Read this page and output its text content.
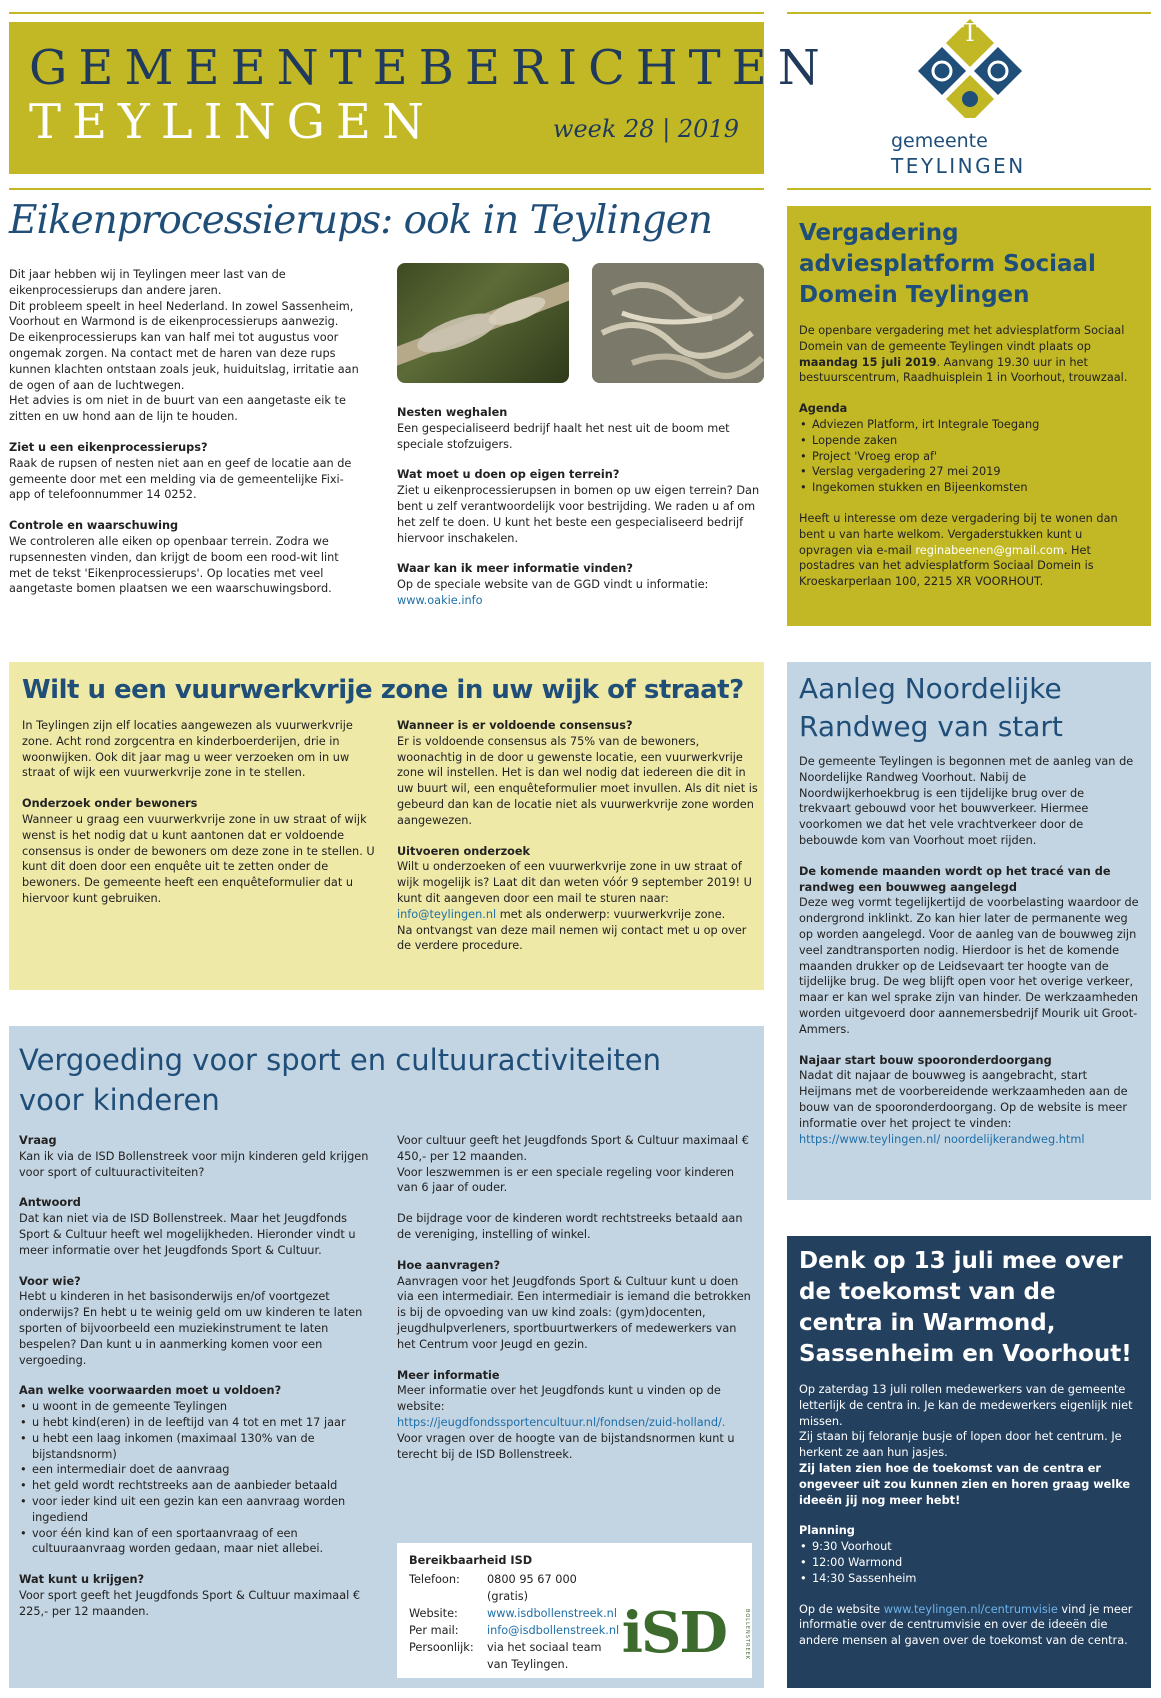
GEMEENTEBERICHTEN
TEYLINGEN	week 28 | 2019
T
gemeente
TEYLINGEN
Eikenprocessierups: ook in Teylingen

Dit jaar hebben wij in Teylingen meer last van de eikenprocessierups dan andere jaren.

Dit probleem speelt in heel Nederland. In zowel Sassenheim, Voorhout en Warmond is de eikenprocessierups aanwezig.

De eikenprocessierups kan van half mei tot augustus voor ongemak zorgen. Na contact met de haren van deze rups kunnen klachten ontstaan zoals jeuk, huiduitslag, irritatie aan de ogen of aan de luchtwegen.

Het advies is om niet in de buurt van een aangetaste eik te zitten en uw hond aan de lijn te houden.

Ziet u een eikenprocessierups?

Raak de rupsen of nesten niet aan en geef de locatie aan de gemeente door met een melding via de gemeentelijke Fixi-app of telefoonnummer 14 0252.

Controle en waarschuwing

We controleren alle eiken op openbaar terrein. Zodra we rupsennesten vinden, dan krijgt de boom een rood-wit lint met de tekst 'Eikenprocessierups'. Op locaties met veel aangetaste bomen plaatsen we een waarschuwingsbord.

Nesten weghalen

Een gespecialiseerd bedrijf haalt het nest uit de boom met speciale stofzuigers.

Wat moet u doen op eigen terrein?

Ziet u eikenprocessierupsen in bomen op uw eigen terrein? Dan bent u zelf verantwoordelijk voor bestrijding. We raden u af om het zelf te doen. U kunt het beste een gespecialiseerd bedrijf hiervoor inschakelen.

Waar kan ik meer informatie vinden?

Op de speciale website van de GGD vindt u informatie:

www.oakie.info
Vergadering adviesplatform Sociaal Domein Teylingen

De openbare vergadering met het adviesplatform Sociaal Domein van de gemeente Teylingen vindt plaats op maandag 15 juli 2019. Aanvang 19.30 uur in het bestuurscentrum, Raadhuisplein 1 in Voorhout, trouwzaal.

Agenda
• Adviezen Platform, irt Integrale Toegang
• Lopende zaken
• Project 'Vroeg erop af'
• Verslag vergadering 27 mei 2019
• Ingekomen stukken en Bijeenkomsten

Heeft u interesse om deze vergadering bij te wonen dan bent u van harte welkom. Vergaderstukken kunt u opvragen via e-mail reginabeenen@gmail.com. Het postadres van het adviesplatform Sociaal Domein is Kroeskarperlaan 100, 2215 XR VOORHOUT.

Wilt u een vuurwerkvrije zone in uw wijk of straat?

In Teylingen zijn elf locaties aangewezen als vuurwerkvrije zone. Acht rond zorgcentra en kinderboerderijen, drie in woonwijken. Ook dit jaar mag u weer verzoeken om in uw straat of wijk een vuurwerkvrije zone in te stellen.

Onderzoek onder bewoners

Wanneer u graag een vuurwerkvrije zone in uw straat of wijk wenst is het nodig dat u kunt aantonen dat er voldoende consensus is onder de bewoners om deze zone in te stellen. U kunt dit doen door een enquête uit te zetten onder de bewoners. De gemeente heeft een enquêteformulier dat u hiervoor kunt gebruiken.

Wanneer is er voldoende consensus?

Er is voldoende consensus als 75% van de bewoners, woonachtig in de door u gewenste locatie, een vuurwerkvrije zone wil instellen. Het is dan wel nodig dat iedereen die dit in uw buurt wil, een enquêteformulier moet invullen. Als dit niet is gebeurd dan kan de locatie niet als vuurwerkvrije zone worden aangewezen.

Uitvoeren onderzoek

Wilt u onderzoeken of een vuurwerkvrije zone in uw straat of wijk mogelijk is? Laat dit dan weten vóór 9 september 2019! U kunt dit aangeven door een mail te sturen naar:

info@teylingen.nl met als onderwerp: vuurwerkvrije zone.

Na ontvangst van deze mail nemen wij contact met u op over de verdere procedure.

Aanleg Noordelijke Randweg van start

De gemeente Teylingen is begonnen met de aanleg van de Noordelijke Randweg Voorhout. Nabij de Noordwijkerhoekbrug is een tijdelijke brug over de trekvaart gebouwd voor het bouwverkeer. Hiermee voorkomen we dat het vele vrachtverkeer door de bebouwde kom van Voorhout moet rijden.

De komende maanden wordt op het tracé van de randweg een bouwweg aangelegd

Deze weg vormt tegelijkertijd de voorbelasting waardoor de ondergrond inklinkt. Zo kan hier later de permanente weg op worden aangelegd. Voor de aanleg van de bouwweg zijn veel zandtransporten nodig. Hierdoor is het de komende maanden drukker op de Leidsevaart ter hoogte van de tijdelijke brug. De weg blijft open voor het overige verkeer, maar er kan wel sprake zijn van hinder. De werkzaamheden worden uitgevoerd door aannemersbedrijf Mourik uit Groot-Ammers.

Najaar start bouw spooronderdoorgang

Nadat dit najaar de bouwweg is aangebracht, start Heijmans met de voorbereidende werkzaamheden aan de bouw van de spooronderdoorgang. Op de website is meer informatie over het project te vinden: https://www.teylingen.nl/ noordelijkerandweg.html

Vergoeding voor sport en cultuuractiviteiten voor kinderen
Vraag

Kan ik via de ISD Bollenstreek voor mijn kinderen geld krijgen voor sport of cultuuractiviteiten?

Antwoord

Dat kan niet via de ISD Bollenstreek. Maar het Jeugdfonds Sport & Cultuur heeft wel mogelijkheden. Hieronder vindt u meer informatie over het Jeugdfonds Sport & Cultuur.

Voor wie?

Hebt u kinderen in het basisonderwijs en/of voortgezet onderwijs? En hebt u te weinig geld om uw kinderen te laten sporten of bijvoorbeeld een muziekinstrument te laten bespelen? Dan kunt u in aanmerking komen voor een vergoeding.

Aan welke voorwaarden moet u voldoen?
• u woont in de gemeente Teylingen
• u hebt kind(eren) in de leeftijd van 4 tot en met 17 jaar
• u hebt een laag inkomen (maximaal 130% van de bijstandsnorm)
• een intermediair doet de aanvraag
• het geld wordt rechtstreeks aan de aanbieder betaald
• voor ieder kind uit een gezin kan een aanvraag worden ingediend
• voor één kind kan of een sportaanvraag of een cultuuraanvraag worden gedaan, maar niet allebei.
Wat kunt u krijgen?

Voor sport geeft het Jeugdfonds Sport & Cultuur maximaal € 225,- per 12 maanden.

Voor cultuur geeft het Jeugdfonds Sport & Cultuur maximaal € 450,- per 12 maanden.

Voor leszwemmen is er een speciale regeling voor kinderen van 6 jaar of ouder.

De bijdrage voor de kinderen wordt rechtstreeks betaald aan de vereniging, instelling of winkel.

Hoe aanvragen?

Aanvragen voor het Jeugdfonds Sport & Cultuur kunt u doen via een intermediair. Een intermediair is iemand die betrokken is bij de opvoeding van uw kind zoals: (gym)docenten, jeugdhulpverleners, sportbuurtwerkers of medewerkers van het Centrum voor Jeugd en gezin.

Meer informatie

Meer informatie over het Jeugdfonds kunt u vinden op de website:

https://jeugdfondssportencultuur.nl/fondsen/zuid-holland/.

Voor vragen over de hoogte van de bijstandsnormen kunt u terecht bij de ISD Bollenstreek.

Bereikbaarheid ISD
Telefoon:	0800 95 67 000 (gratis)
Website:	www.isdbollenstreek.nl
Per mail:	info@isdbollenstreek.nl
Persoonlijk:	via het sociaal team van Teylingen. iSD	BOLLENSTREEK
Denk op 13 juli mee over de toekomst van de centra in Warmond, Sassenheim en Voorhout!

Op zaterdag 13 juli rollen medewerkers van de gemeente letterlijk de centra in. Je kan de medewerkers eigenlijk niet missen.

Zij staan bij feloranje busje of lopen door het centrum. Je herkent ze aan hun jasjes.

Zij laten zien hoe de toekomst van de centra er ongeveer uit zou kunnen zien en horen graag welke ideeën jij nog meer hebt!

Planning
• 9:30 Voorhout
• 12:00 Warmond
• 14:30 Sassenheim

Op de website www.teylingen.nl/centrumvisie vind je meer informatie over de centrumvisie en over de ideeën die andere mensen al gaven over de toekomst van de centra.
